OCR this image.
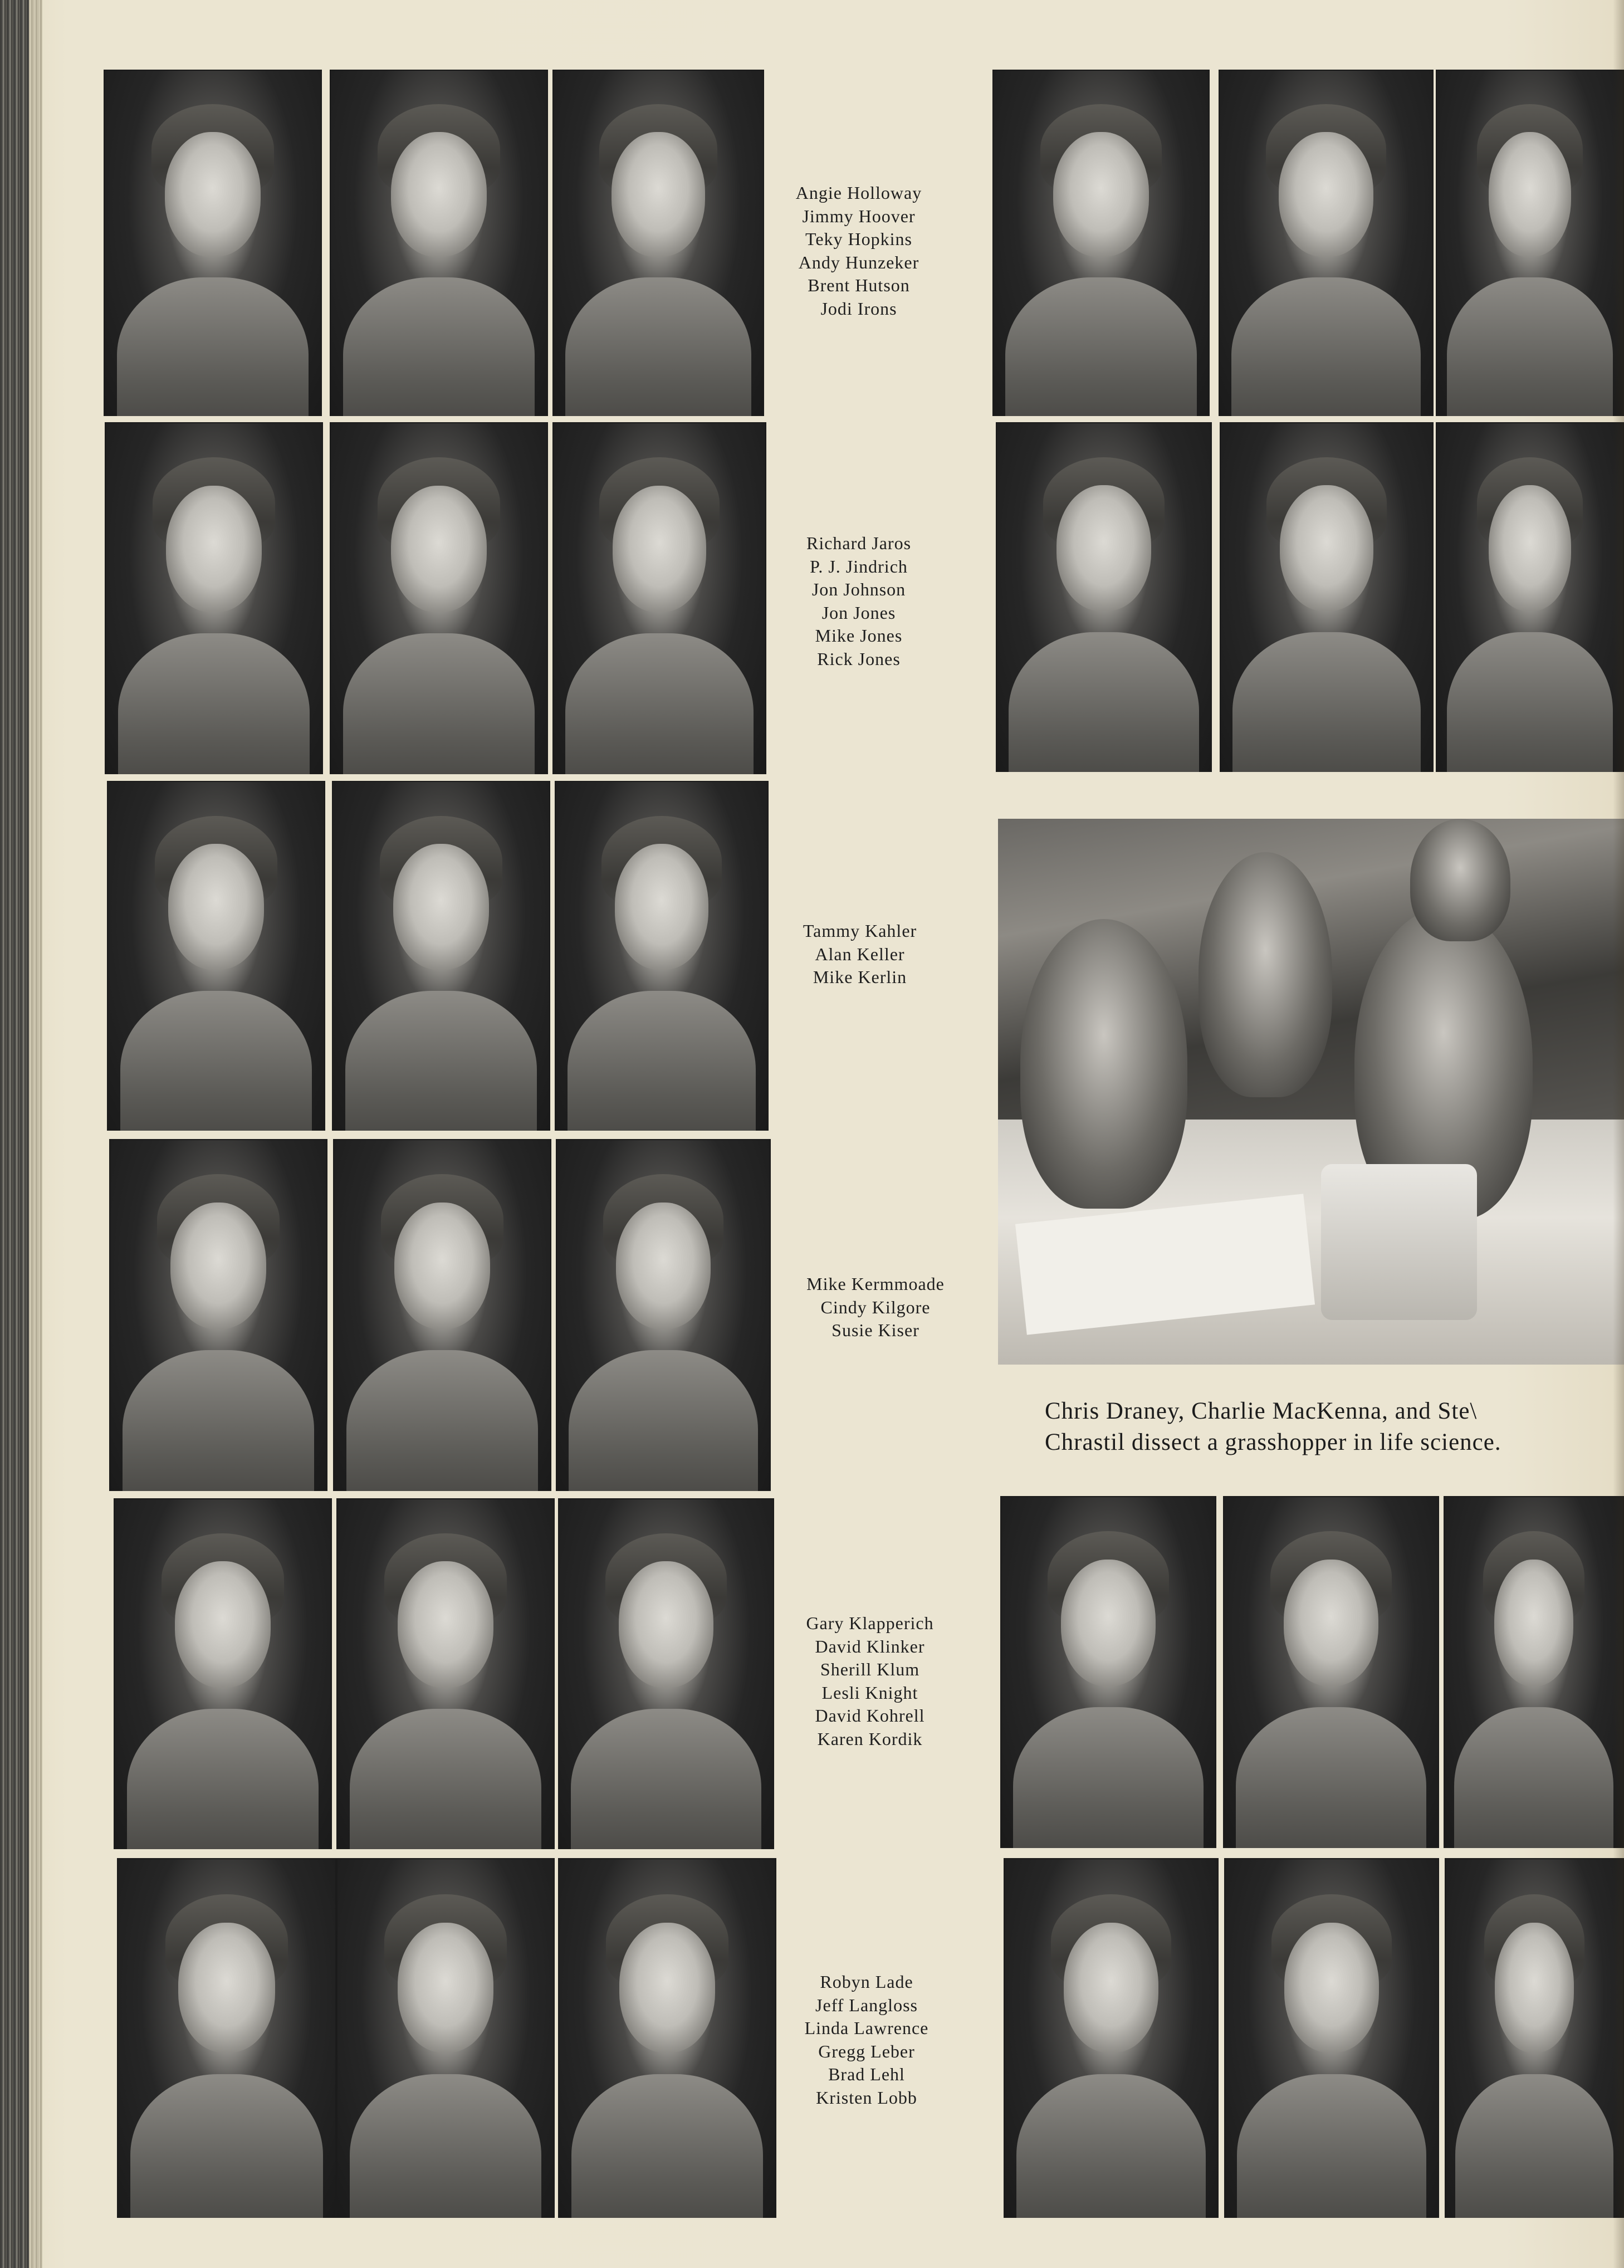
Angie Holloway
Jimmy Hoover
Teky Hopkins
Andy Hunzeker
Brent Hutson
Jodi Irons
Richard Jaros
P. J. Jindrich
Jon Johnson
Jon Jones
Mike Jones
Rick Jones
Tammy Kahler
Alan Keller
Mike Kerlin
Mike Kermmoade
Cindy Kilgore
Susie Kiser
Gary Klapperich
David Klinker
Sherill Klum
Lesli Knight
David Kohrell
Karen Kordik
Robyn Lade
Jeff Langloss
Linda Lawrence
Gregg Leber
Brad Lehl
Kristen Lobb
Chris Draney, Charlie MacKenna, and Ste\
Chrastil dissect a grasshopper in life science.
